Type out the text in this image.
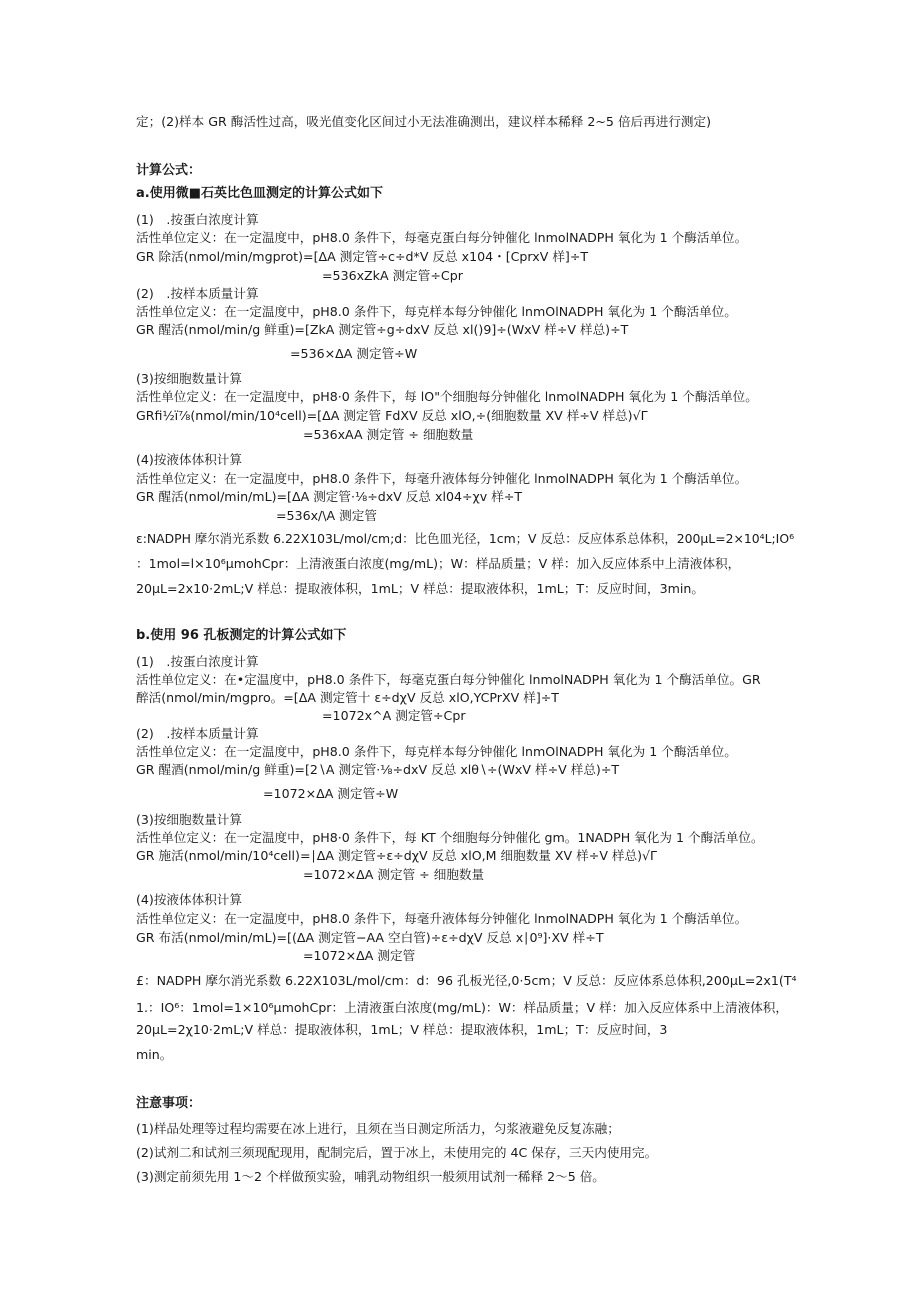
定；(2)样本 GR 酶活性过高，吸光值变化区间过小无法准确测出，建议样本稀释 2~5 倍后再进行测定)
计算公式：
a.使用微■石英比色皿测定的计算公式如下
(1)　.按蛋白浓度计算
活性单位定义：在一定温度中，pH8.0 条件下，每毫克蛋白每分钟催化 lnmolNADPH 氧化为 1 个酶活单位。
GR 除活(nmol/min/mgprot)=[ΔA 测定管÷c÷d*V 反总 x104・[CprxV 样]÷T
=536xZkA 测定管÷Cpr
(2)　.按样本质量计算
活性单位定义：在一定温度中，pH8.0 条件下，每克样本每分钟催化 lnmOlNADPH 氧化为 1 个酶活单位。
GR 醒活(nmol/min/g 鲜重)=[ZkA 测定管÷g÷dxV 反总 xl()9]÷(WxV 样÷V 样总)÷T
=536×ΔA 测定管÷W
(3)按细胞数量计算
活性单位定义：在一定温度中，pH8·0 条件下，每 lO"个细胞每分钟催化 lnmolNADPH 氧化为 1 个酶活单位。
GRfi½ï⅞(nmol∕min∕10⁴cell)=[ΔA 测定管 FdXV 反总 xlO,÷(细胞数量 XV 样÷V 样总)√Γ
=536xAA 测定管 ÷ 细胞数量
(4)按液体体积计算
活性单位定义：在一定温度中，pH8.0 条件下，每毫升液体每分钟催化 lnmolNADPH 氧化为 1 个酶活单位。
GR 醒活(nmol/min/mL)=[ΔA 测定管·⅛÷dxV 反总 xl04÷χv 样÷T
=536x∕\A 测定管
ε:NADPH 摩尔消光系数 6.22X103L∕mol∕cm;d：比色皿光径，1cm；V 反总：反应体系总体积，200μL=2×10⁴L;IO⁶
：1mol=l×10⁶μmohCpr：上清液蛋白浓度(mg/mL)；W：样品质量；V 样：加入反应体系中上清液体积，
20μL=2x10·2mL;V 样总：提取液体积，1mL；V 样总：提取液体积，1mL；T：反应时间，3min。
b.使用 96 孔板测定的计算公式如下
(1)　.按蛋白浓度计算
活性单位定义：在•定温度中，pH8.0 条件下，每毫克蛋白每分钟催化 lnmolNADPH 氧化为 1 个酶活单位。GR
醉活(nmol/min/mgpro。=[ΔA 测定管十 ε÷dχV 反总 xlO,YCPrXV 样]÷T
=1072x^A 测定管÷Cpr
(2)　.按样本质量计算
活性单位定义：在一定温度中，pH8.0 条件下，每克样本每分钟催化 lnmOlNADPH 氧化为 1 个酶活单位。
GR 醒酒(nmol/min/g 鲜重)=[2∖A 测定管·⅛÷dxV 反总 xlθ∖÷(WxV 样÷V 样总)÷T
=1072×ΔA 测定管÷W
(3)按细胞数量计算
活性单位定义：在一定温度中，pH8·0 条件下，每 KT 个细胞每分钟催化 gm。1NADPH 氧化为 1 个酶活单位。
GR 施活(nmol∕min∕10⁴cell)=∣ΔA 测定管÷ε÷dχV 反总 xlO,M 细胞数量 XV 样÷V 样总)√Γ
=1072×ΔA 测定管 ÷ 细胞数量
(4)按液体体积计算
活性单位定义：在一定温度中，pH8.0 条件下，每毫升液体每分钟催化 lnmolNADPH 氧化为 1 个酶活单位。
GR 布活(nmol/min/mL)=[(ΔA 测定管−AA 空白管)÷ε÷dχV 反总 x∣0⁹]·XV 样÷T
=1072×ΔA 测定管
£：NADPH 摩尔消光系数 6.22X103L/mol/cm：d：96 孔板光径,0·5cm；V 反总：反应体系总体积,200μL=2x1(T⁴
1.：IO⁶：1mol=1×10⁶μmohCpr：上清液蛋白浓度(mg/mL)：W：样品质量；V 样：加入反应体系中上清液体积，
20μL=2χ10·2mL;V 样总：提取液体积，1mL；V 样总：提取液体积，1mL；T：反应时间，3
min。
注意事项：
(1)样品处理等过程均需要在冰上进行，且须在当日测定所活力，匀浆液避免反复冻融；
(2)试剂二和试剂三须现配现用，配制完后，置于冰上，未使用完的 4C 保存，三天内使用完。
(3)测定前须先用 1～2 个样做预实验，哺乳动物组织一般须用试剂一稀释 2～5 倍。
